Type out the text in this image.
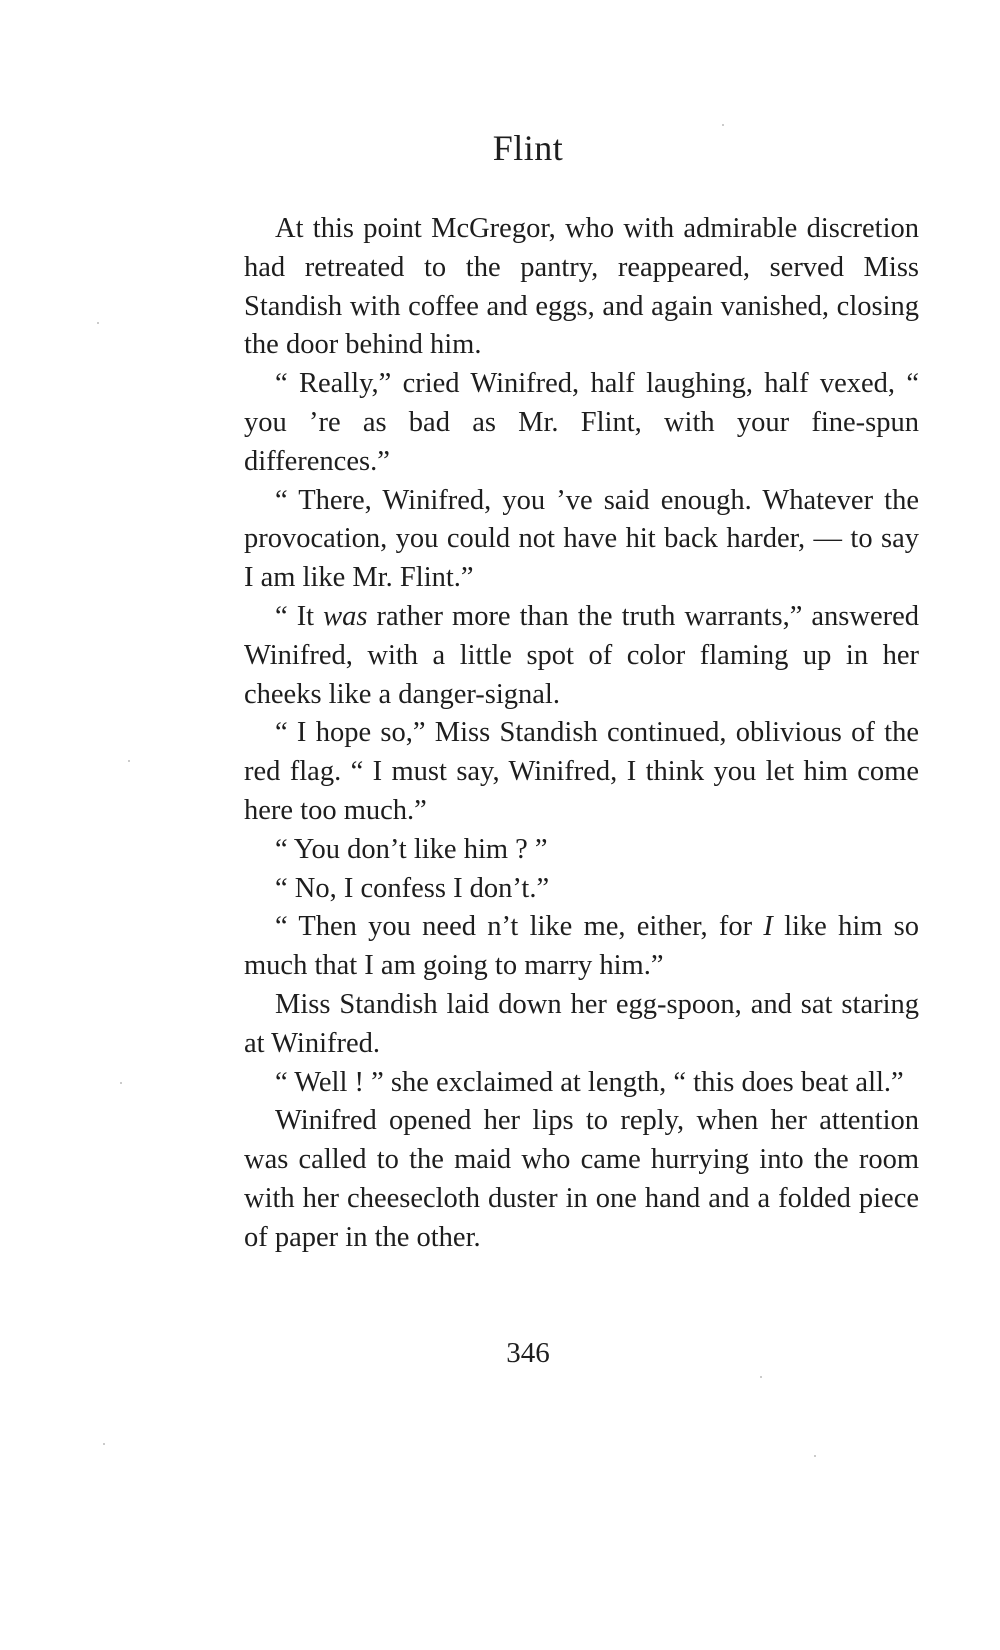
Flint

At this point McGregor, who with admirable discretion had retreated to the pantry, reappeared, served Miss Standish with coffee and eggs, and again vanished, closing the door behind him.

“ Really,” cried Winifred, half laughing, half vexed, “ you ’re as bad as Mr. Flint, with your fine-spun differences.”

“ There, Winifred, you ’ve said enough. Whatever the provocation, you could not have hit back harder, — to say I am like Mr. Flint.”

“ It was rather more than the truth warrants,” answered Winifred, with a little spot of color flaming up in her cheeks like a danger-signal.

“ I hope so,” Miss Standish continued, oblivious of the red flag. “ I must say, Winifred, I think you let him come here too much.”

“ You don’t like him ? ”

“ No, I confess I don’t.”

“ Then you need n’t like me, either, for I like him so much that I am going to marry him.”

Miss Standish laid down her egg-spoon, and sat staring at Winifred.

“ Well ! ” she exclaimed at length, “ this does beat all.”

Winifred opened her lips to reply, when her attention was called to the maid who came hurrying into the room with her cheesecloth duster in one hand and a folded piece of paper in the other.

346
